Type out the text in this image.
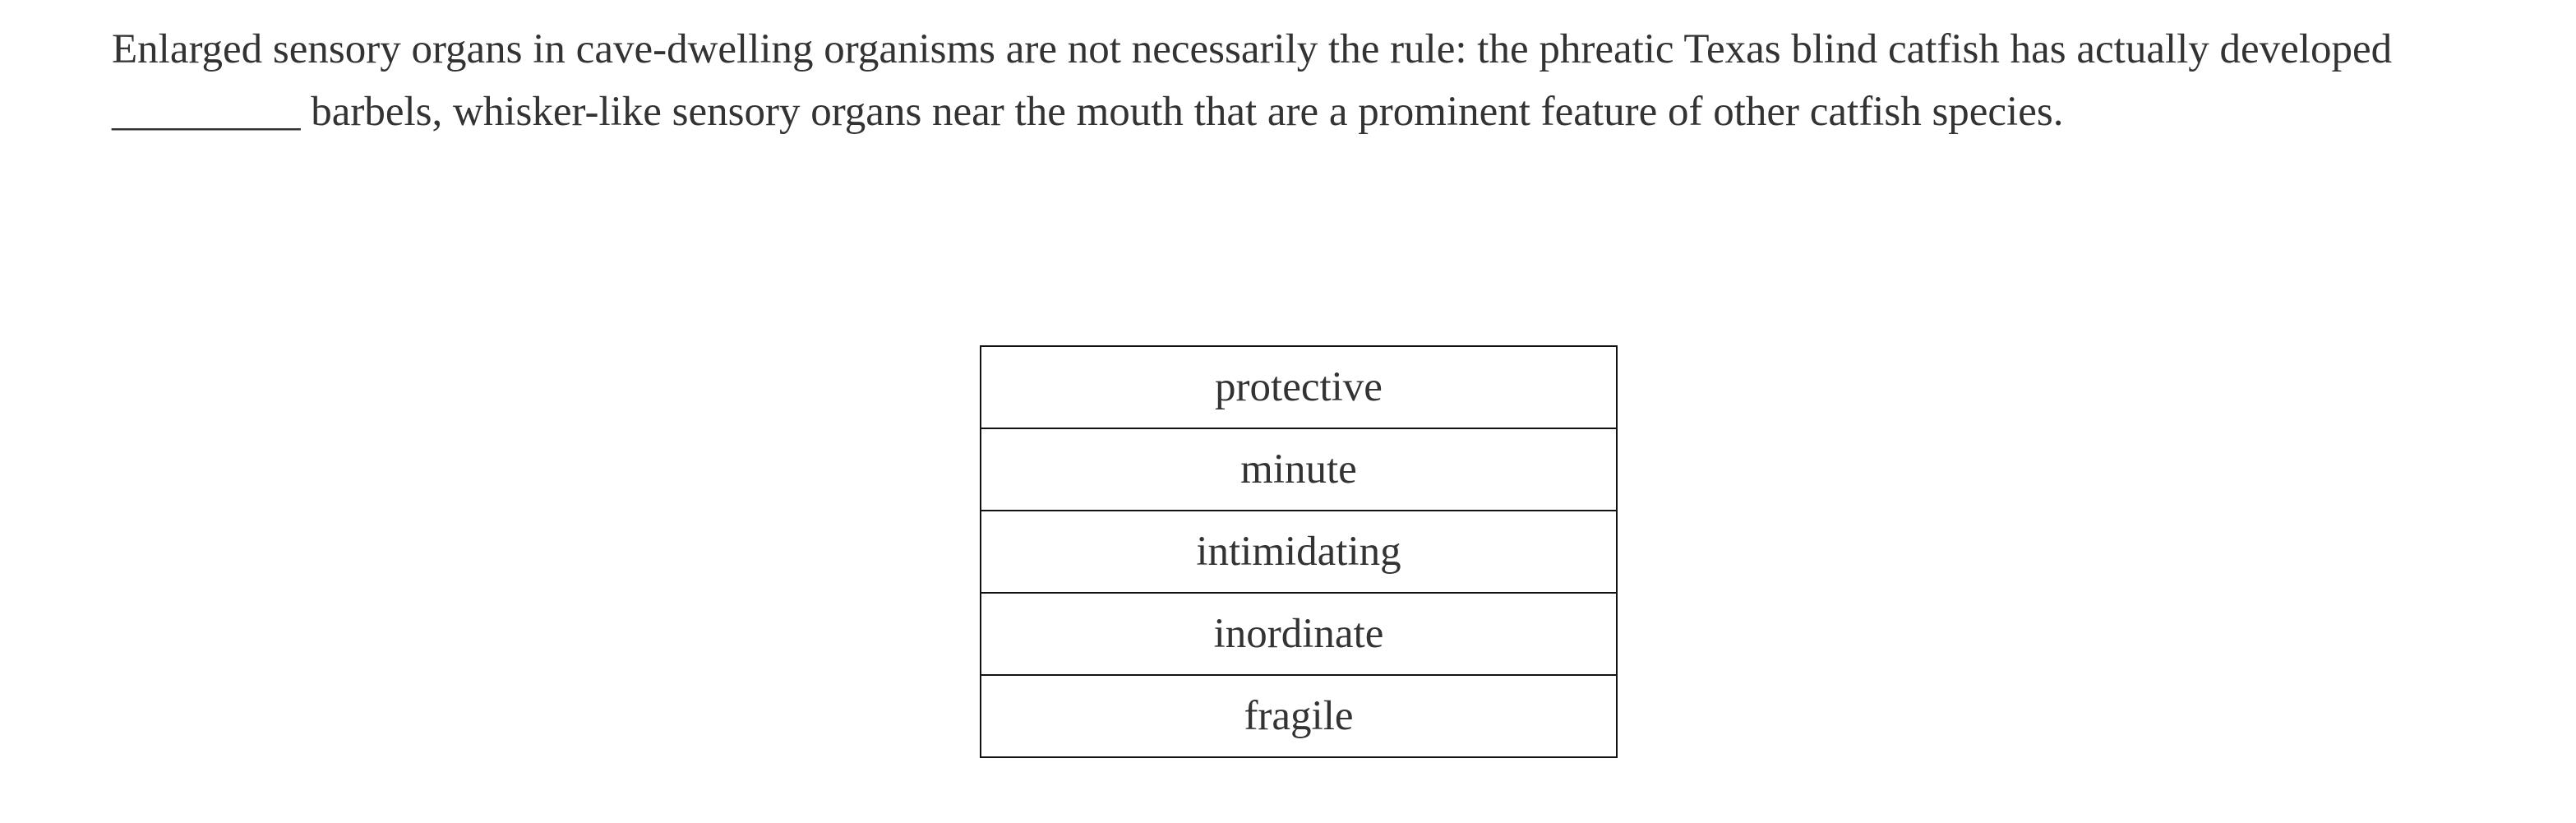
Enlarged sensory organs in cave-dwelling organisms are not necessarily the rule: the phreatic Texas blind catfish has actually developed
_________ barbels, whisker-like sensory organs near the mouth that are a prominent feature of other catfish species.

protective
minute
intimidating
inordinate
fragile
